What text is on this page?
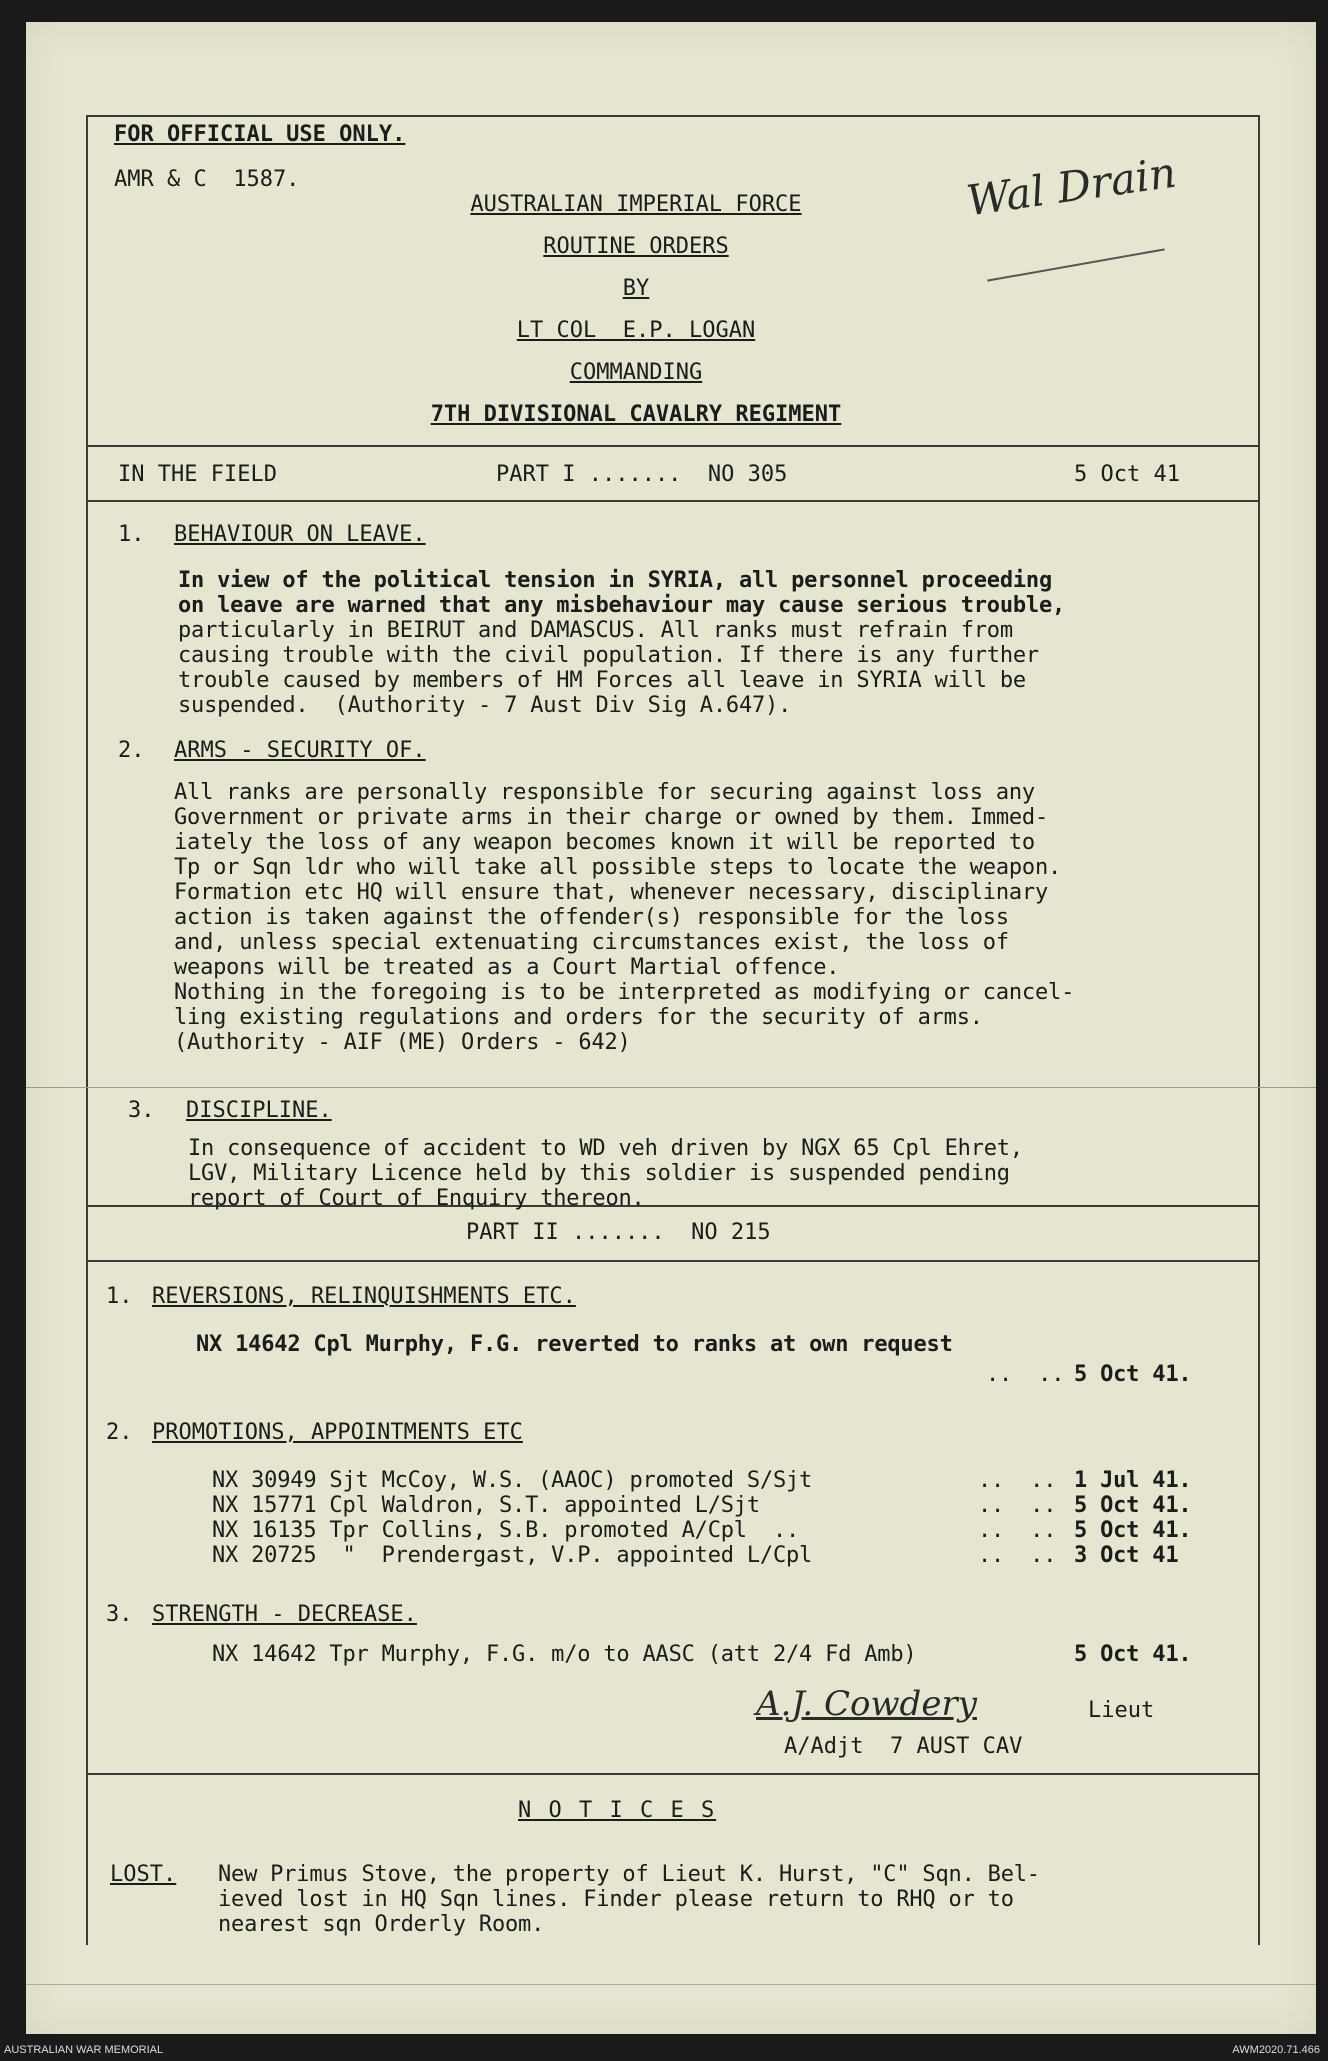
FOR OFFICIAL USE ONLY.
AMR & C  1587.
AUSTRALIAN IMPERIAL FORCE
ROUTINE ORDERS
BY
LT COL  E.P. LOGAN
COMMANDING
7TH DIVISIONAL CAVALRY REGIMENT
Wal Drain
IN THE FIELD	PART I .......  NO 305	5 Oct 41
1. BEHAVIOUR ON LEAVE.
In view of the political tension in SYRIA, all personnel proceeding
on leave are warned that any misbehaviour may cause serious trouble,
particularly in BEIRUT and DAMASCUS. All ranks must refrain from
causing trouble with the civil population. If there is any further
trouble caused by members of HM Forces all leave in SYRIA will be
suspended.  (Authority - 7 Aust Div Sig A.647).
2. ARMS - SECURITY OF.
All ranks are personally responsible for securing against loss any
Government or private arms in their charge or owned by them. Immed-
iately the loss of any weapon becomes known it will be reported to
Tp or Sqn ldr who will take all possible steps to locate the weapon.
Formation etc HQ will ensure that, whenever necessary, disciplinary
action is taken against the offender(s) responsible for the loss
and, unless special extenuating circumstances exist, the loss of
weapons will be treated as a Court Martial offence.
Nothing in the foregoing is to be interpreted as modifying or cancel-
ling existing regulations and orders for the security of arms.
(Authority - AIF (ME) Orders - 642)
3. DISCIPLINE.
In consequence of accident to WD veh driven by NGX 65 Cpl Ehret,
LGV, Military Licence held by this soldier is suspended pending
report of Court of Enquiry thereon.
PART II .......  NO 215
1. REVERSIONS, RELINQUISHMENTS ETC.
NX 14642 Cpl Murphy, F.G. reverted to ranks at own request
..  .. 5 Oct 41.
2. PROMOTIONS, APPOINTMENTS ETC
NX 30949 Sjt McCoy, W.S. (AAOC) promoted S/Sjt	..  .. 1 Jul 41.
NX 15771 Cpl Waldron, S.T. appointed L/Sjt	..  .. 5 Oct 41.
NX 16135 Tpr Collins, S.B. promoted A/Cpl  ..	..  .. 5 Oct 41.
NX 20725  "  Prendergast, V.P. appointed L/Cpl	..  .. 3 Oct 41
3. STRENGTH - DECREASE.
NX 14642 Tpr Murphy, F.G. m/o to AASC (att 2/4 Fd Amb)	5 Oct 41.
A.J. Cowdery	Lieut
A/Adjt  7 AUST CAV
N O T I C E S
LOST. New Primus Stove, the property of Lieut K. Hurst, "C" Sqn. Bel-
ieved lost in HQ Sqn lines. Finder please return to RHQ or to
nearest sqn Orderly Room.
AUSTRALIAN WAR MEMORIAL	AWM2020.71.466
